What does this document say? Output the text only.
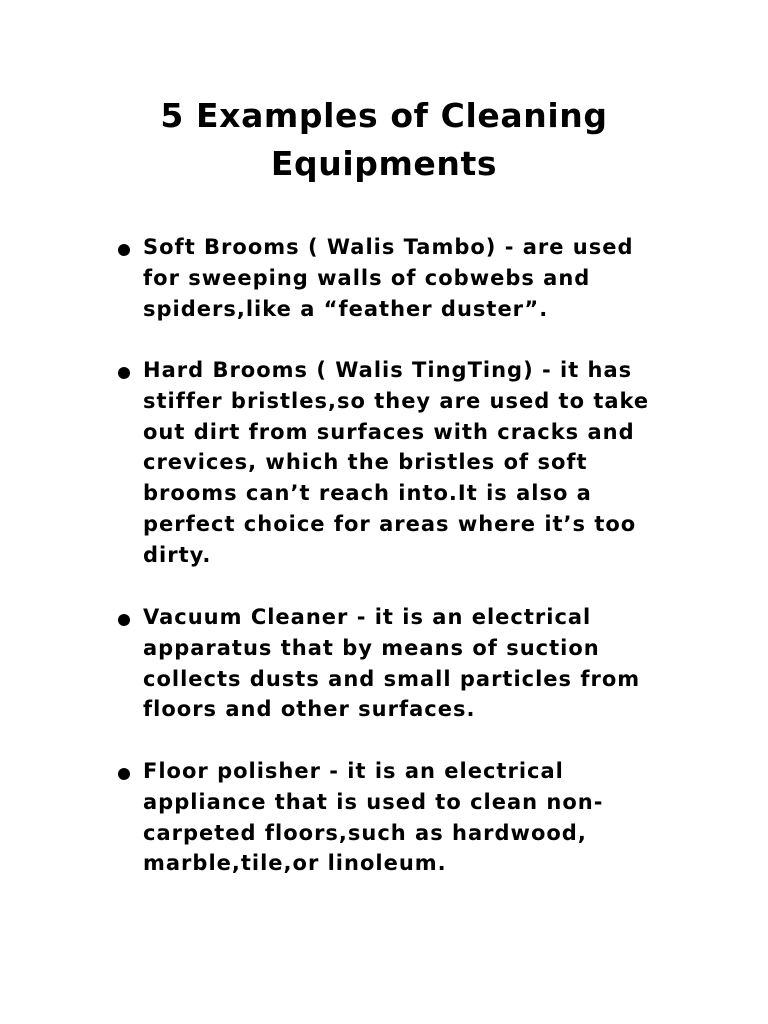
5 Examples of Cleaning
Equipments

Soft Brooms ( Walis Tambo) - are used
for sweeping walls of cobwebs and
spiders,like a “feather duster”.

Hard Brooms ( Walis TingTing) - it has
stiffer bristles,so they are used to take
out dirt from surfaces with cracks and
crevices, which the bristles of soft
brooms can’t reach into.It is also a
perfect choice for areas where it’s too
dirty.

Vacuum Cleaner - it is an electrical
apparatus that by means of suction
collects dusts and small particles from
floors and other surfaces.

Floor polisher - it is an electrical
appliance that is used to clean non-
carpeted floors,such as hardwood,
marble,tile,or linoleum.
